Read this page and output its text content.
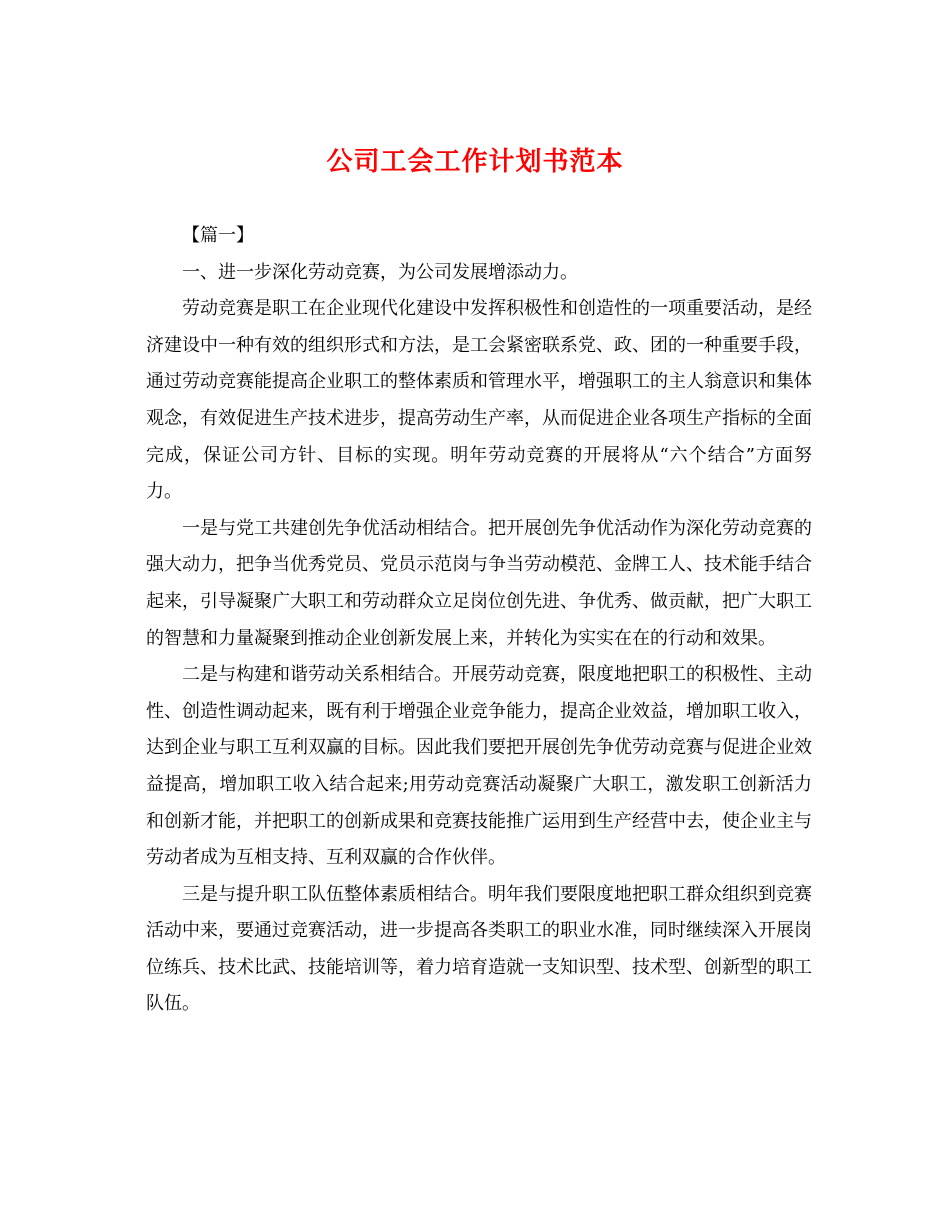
公司工会工作计划书范本

【篇一】

一、进一步深化劳动竞赛，为公司发展增添动力。

劳动竞赛是职工在企业现代化建设中发挥积极性和创造性的一项重要活动，是经济建设中一种有效的组织形式和方法，是工会紧密联系党、政、团的一种重要手段，通过劳动竞赛能提高企业职工的整体素质和管理水平，增强职工的主人翁意识和集体观念，有效促进生产技术进步，提高劳动生产率，从而促进企业各项生产指标的全面完成，保证公司方针、目标的实现。明年劳动竞赛的开展将从“六个结合”方面努力。

一是与党工共建创先争优活动相结合。把开展创先争优活动作为深化劳动竞赛的强大动力，把争当优秀党员、党员示范岗与争当劳动模范、金牌工人、技术能手结合起来，引导凝聚广大职工和劳动群众立足岗位创先进、争优秀、做贡献，把广大职工的智慧和力量凝聚到推动企业创新发展上来，并转化为实实在在的行动和效果。

二是与构建和谐劳动关系相结合。开展劳动竞赛，限度地把职工的积极性、主动性、创造性调动起来，既有利于增强企业竞争能力，提高企业效益，增加职工收入，达到企业与职工互利双赢的目标。因此我们要把开展创先争优劳动竞赛与促进企业效益提高，增加职工收入结合起来;用劳动竞赛活动凝聚广大职工，激发职工创新活力和创新才能，并把职工的创新成果和竞赛技能推广运用到生产经营中去，使企业主与劳动者成为互相支持、互利双赢的合作伙伴。

三是与提升职工队伍整体素质相结合。明年我们要限度地把职工群众组织到竞赛活动中来，要通过竞赛活动，进一步提高各类职工的职业水准，同时继续深入开展岗位练兵、技术比武、技能培训等，着力培育造就一支知识型、技术型、创新型的职工队伍。
